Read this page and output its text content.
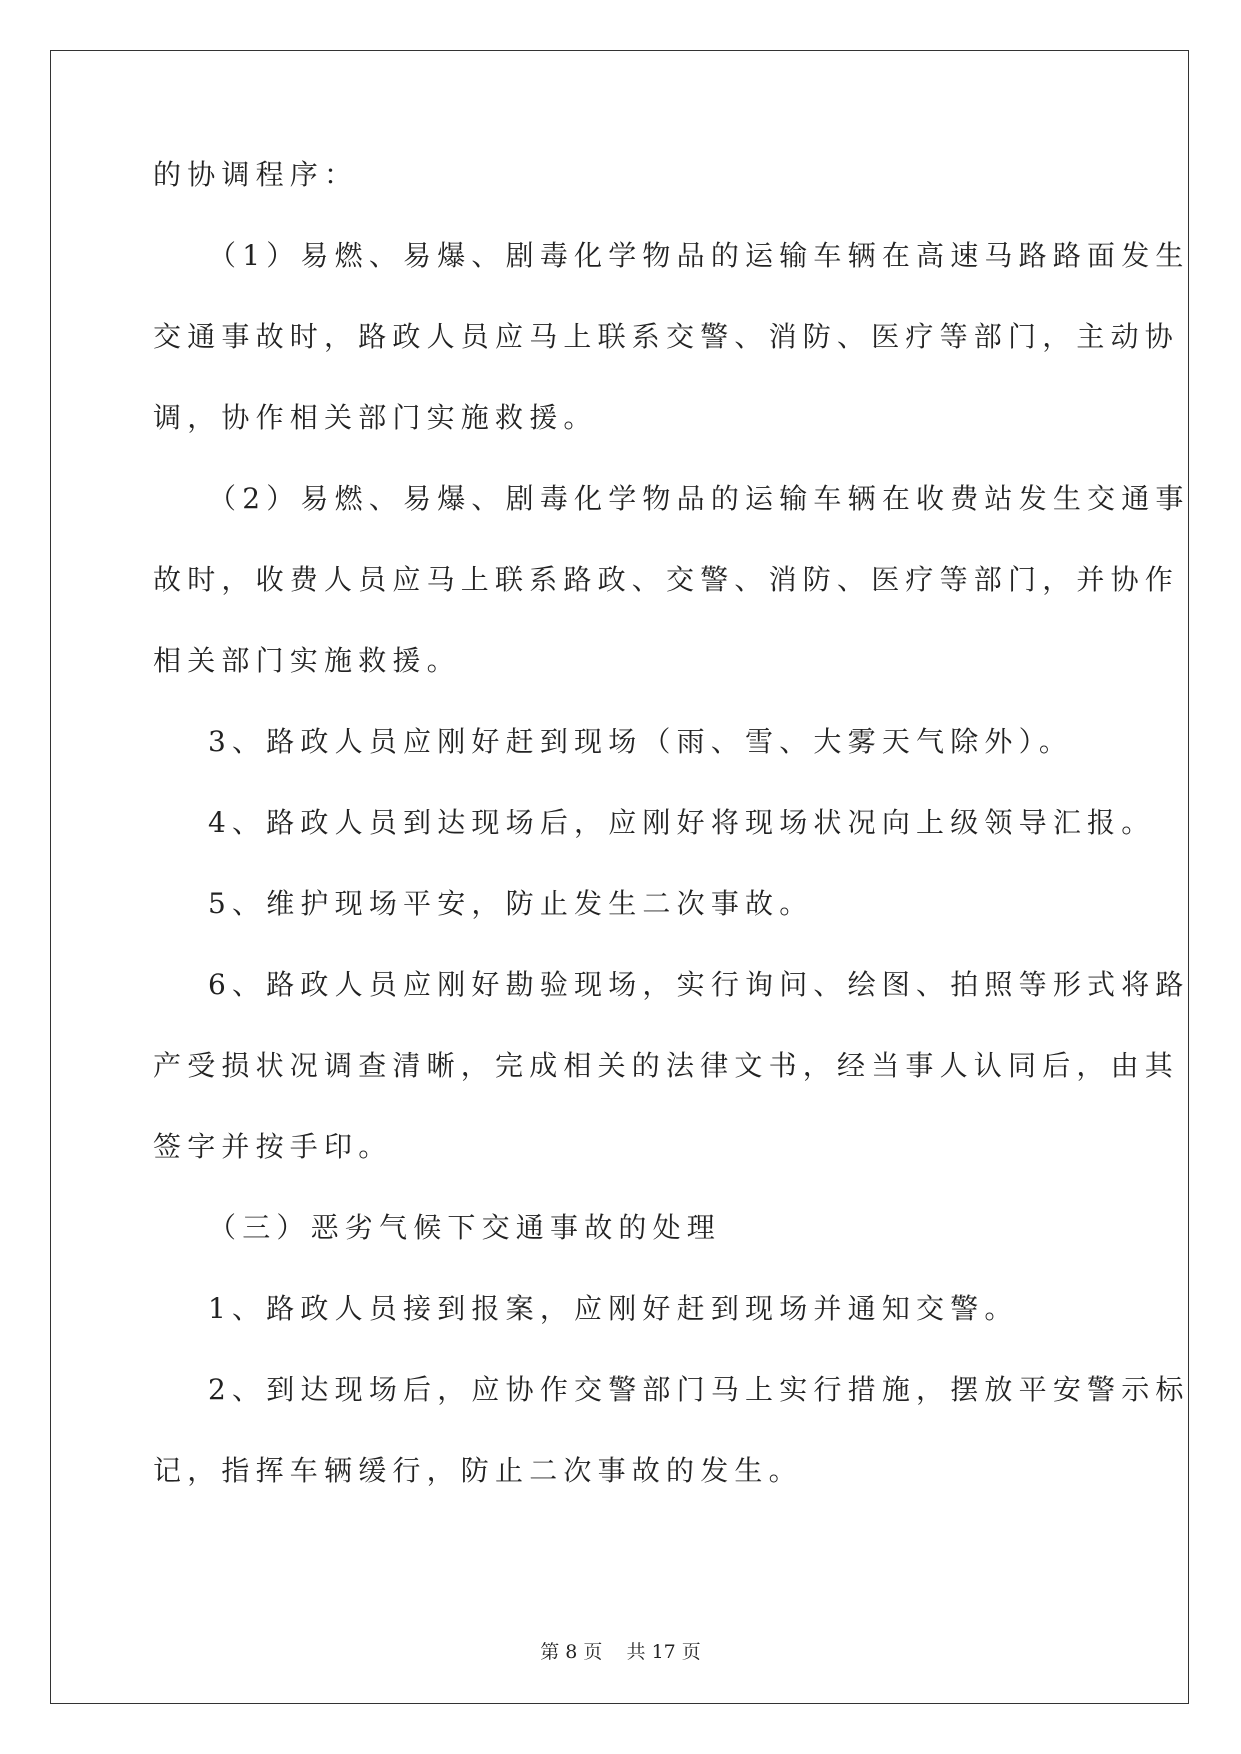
的协调程序：
（1）易燃、易爆、剧毒化学物品的运输车辆在高速马路路面发生
交通事故时，路政人员应马上联系交警、消防、医疗等部门，主动协
调，协作相关部门实施救援。
（2）易燃、易爆、剧毒化学物品的运输车辆在收费站发生交通事
故时，收费人员应马上联系路政、交警、消防、医疗等部门，并协作
相关部门实施救援。
3、路政人员应刚好赶到现场（雨、雪、大雾天气除外）。
4、路政人员到达现场后，应刚好将现场状况向上级领导汇报。
5、维护现场平安，防止发生二次事故。
6、路政人员应刚好勘验现场，实行询问、绘图、拍照等形式将路
产受损状况调查清晰，完成相关的法律文书，经当事人认同后，由其
签字并按手印。
（三）恶劣气候下交通事故的处理
1、路政人员接到报案，应刚好赶到现场并通知交警。
2、到达现场后，应协作交警部门马上实行措施，摆放平安警示标
记，指挥车辆缓行，防止二次事故的发生。
第 8 页    共 17 页
